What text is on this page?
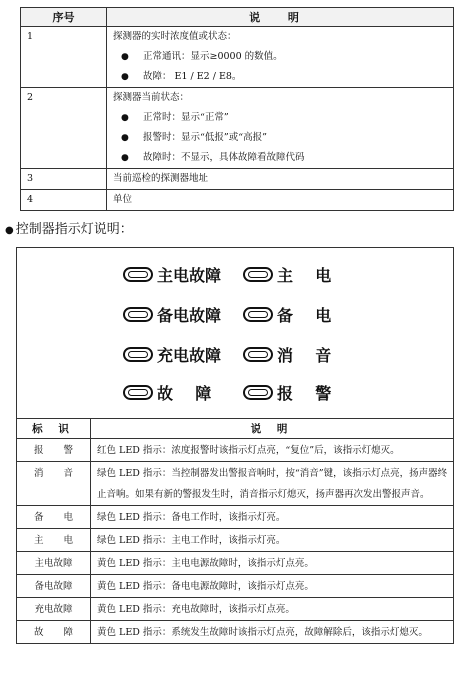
序号	说 明
1	探测器的实时浓度值或状态：
● 正常通讯：显示≥0000 的数值。
● 故障： E1 / E2 / E8。

2	探测器当前状态：
● 正常时：显示“正常”
● 报警时：显示“低报”或“高报”
● 故障时：不显示，具体故障看故障代码

3	当前巡检的探测器地址
4	单位
● 控制器指示灯说明：
主电故障	主    电
备电故障	备    电
充电故障	消    音
故    障	报    警
标 识	说 明
报警	红色 LED 指示：浓度报警时该指示灯点亮，“复位”后，该指示灯熄灭。
消音	绿色 LED 指示：当控制器发出警报音响时，按“消音”键，该指示灯点亮，扬声器终止音响。如果有新的警报发生时，消音指示灯熄灭，扬声器再次发出警报声音。
备电	绿色 LED 指示：备电工作时，该指示灯亮。
主电	绿色 LED 指示：主电工作时，该指示灯亮。
主电故障	黄色 LED 指示：主电电源故障时，该指示灯点亮。
备电故障	黄色 LED 指示：备电电源故障时，该指示灯点亮。
充电故障	黄色 LED 指示：充电故障时，该指示灯点亮。
故障	黄色 LED 指示：系统发生故障时该指示灯点亮，故障解除后，该指示灯熄灭。
